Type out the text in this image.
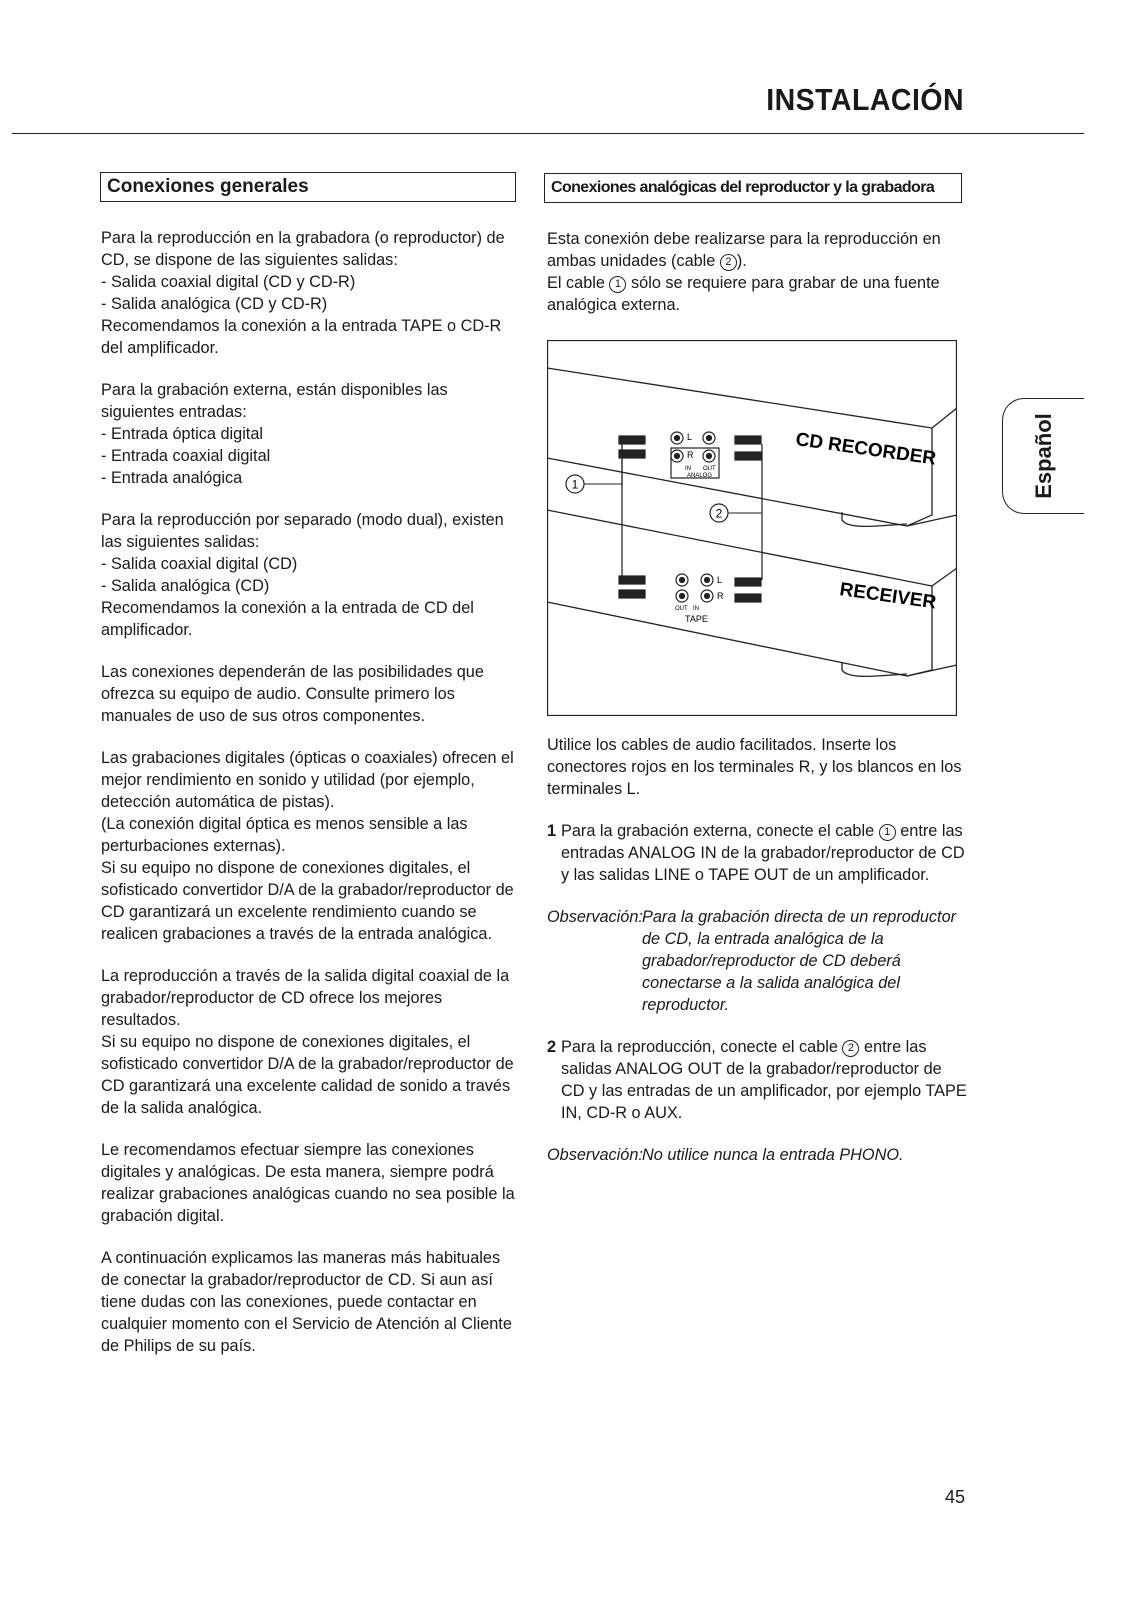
INSTALACIÓN
Conexiones generales	Conexiones analógicas del reproductor y la grabadora

Para la reproducción en la grabadora (o reproductor) de CD, se dispone de las siguientes salidas:

- Salida coaxial digital (CD y CD-R)

- Salida analógica (CD y CD-R)

Recomendamos la conexión a la entrada TAPE o CD-R del amplificador.

Para la grabación externa, están disponibles las siguientes entradas:

- Entrada óptica digital

- Entrada coaxial digital

- Entrada analógica

Para la reproducción por separado (modo dual), existen las siguientes salidas:

- Salida coaxial digital (CD)

- Salida analógica (CD)

Recomendamos la conexión a la entrada de CD del amplificador.

Las conexiones dependerán de las posibilidades que ofrezca su equipo de audio. Consulte primero los manuales de uso de sus otros componentes.

Las grabaciones digitales (ópticas o coaxiales) ofrecen el mejor rendimiento en sonido y utilidad (por ejemplo, detección automática de pistas).

(La conexión digital óptica es menos sensible a las perturbaciones externas).

Si su equipo no dispone de conexiones digitales, el sofisticado convertidor D/A de la grabador/reproductor de CD garantizará un excelente rendimiento cuando se realicen grabaciones a través de la entrada analógica.

La reproducción a través de la salida digital coaxial de la grabador/reproductor de CD ofrece los mejores resultados.

Si su equipo no dispone de conexiones digitales, el sofisticado convertidor D/A de la grabador/reproductor de CD garantizará una excelente calidad de sonido a través de la salida analógica.

Le recomendamos efectuar siempre las conexiones digitales y analógicas. De esta manera, siempre podrá realizar grabaciones analógicas cuando no sea posible la grabación digital.

A continuación explicamos las maneras más habituales de conectar la grabador/reproductor de CD. Si aun así tiene dudas con las conexiones, puede contactar en cualquier momento con el Servicio de Atención al Cliente de Philips de su país.

Esta conexión debe realizarse para la reproducción en ambas unidades (cable 2 ).

El cable 1 sólo se requiere para grabar de una fuente analógica externa.

CD RECORDER
RECEIVER
L
R
IN OUT
ANALOG
L
R
OUT IN
TAPE
1
2

Utilice los cables de audio facilitados. Inserte los conectores rojos en los terminales R, y los blancos en los terminales L.

1 Para la grabación externa, conecte el cable 1 entre las entradas ANALOG IN de la grabador/reproductor de CD y las salidas LINE o TAPE OUT de un amplificador.

Observación: Para la grabación directa de un reproductor de CD, la entrada analógica de la grabador/reproductor de CD deberá conectarse a la salida analógica del reproductor.
2 Para la reproducción, conecte el cable 2 entre las salidas ANALOG OUT de la grabador/reproductor de CD y las entradas de un amplificador, por ejemplo TAPE IN, CD-R o AUX.

Observación: No utilice nunca la entrada PHONO.
Español
45
